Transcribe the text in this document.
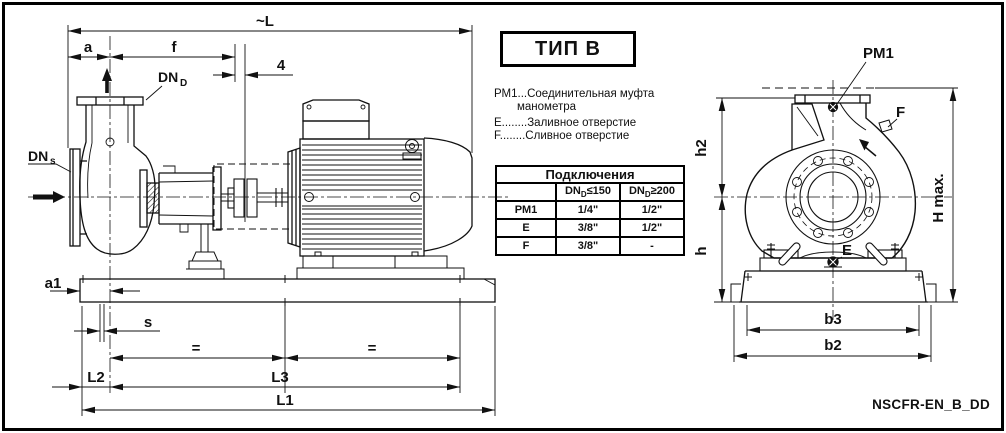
~L
a	f
4
a1
s
=	=
L2	L3
L1
DN D
DN s
PM1
F
E
h2
h
H max.
b3
b2
ТИП B
РМ1...Соединительная муфта
манометра
Е........Заливное отверстие
F........Сливное отверстие
Подключения		
	$DN_D\le 150$	$DN_D\ge 200$
РМ1	1/4"	1/2"
Е	3/8"	1/2"
F	3/8"	-
NSCFR-EN_B_DD
